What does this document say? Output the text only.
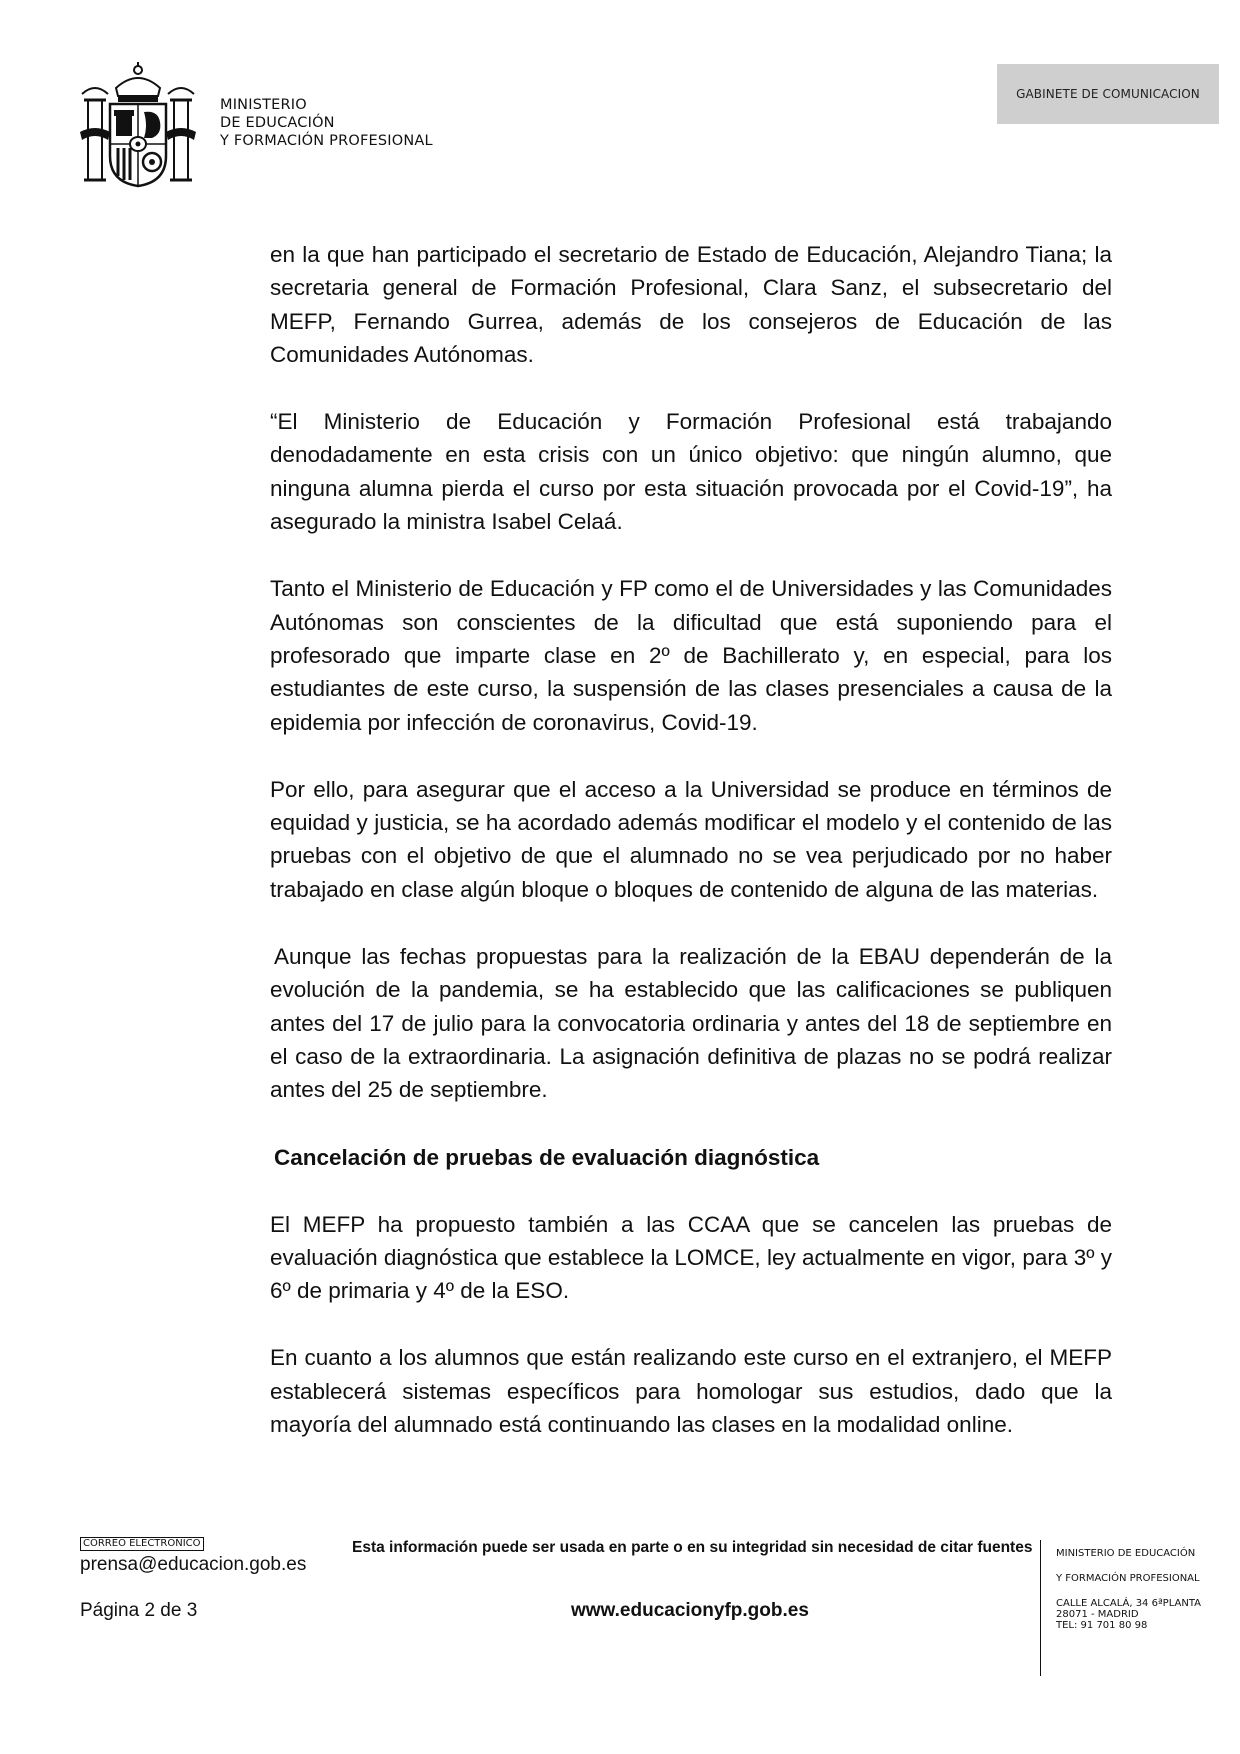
MINISTERIO
DE EDUCACIÓN
Y FORMACIÓN PROFESIONAL
GABINETE DE COMUNICACION

en la que han participado el secretario de Estado de Educación, Alejandro Tiana; la secretaria general de Formación Profesional, Clara Sanz, el subsecretario del MEFP, Fernando Gurrea, además de los consejeros de Educación de las Comunidades Autónomas.

“El Ministerio de Educación y Formación Profesional está trabajando denodadamente en esta crisis con un único objetivo: que ningún alumno, que ninguna alumna pierda el curso por esta situación provocada por el Covid-19”, ha asegurado la ministra Isabel Celaá.

Tanto el Ministerio de Educación y FP como el de Universidades y las Comunidades Autónomas son conscientes de la dificultad que está suponiendo para el profesorado que imparte clase en 2º de Bachillerato y, en especial, para los estudiantes de este curso, la suspensión de las clases presenciales a causa de la epidemia por infección de coronavirus, Covid-19.

Por ello, para asegurar que el acceso a la Universidad se produce en términos de equidad y justicia, se ha acordado además modificar el modelo y el contenido de las pruebas con el objetivo de que el alumnado no se vea perjudicado por no haber trabajado en clase algún bloque o bloques de contenido de alguna de las materias.

Aunque las fechas propuestas para la realización de la EBAU dependerán de la evolución de la pandemia, se ha establecido que las calificaciones se publiquen antes del 17 de julio para la convocatoria ordinaria y antes del 18 de septiembre en el caso de la extraordinaria. La asignación definitiva de plazas no se podrá realizar antes del 25 de septiembre.

Cancelación de pruebas de evaluación diagnóstica

El MEFP ha propuesto también a las CCAA que se cancelen las pruebas de evaluación diagnóstica que establece la LOMCE, ley actualmente en vigor, para 3º y 6º de primaria y 4º de la ESO.

En cuanto a los alumnos que están realizando este curso en el extranjero, el MEFP establecerá sistemas específicos para homologar sus estudios, dado que la mayoría del alumnado está continuando las clases en la modalidad online.

CORREO ELECTRONICO
prensa@educacion.gob.es
Página 2 de 3
Esta información puede ser usada en parte o en su integridad sin necesidad de citar fuentes
www.educacionyfp.gob.es
MINISTERIO DE EDUCACIÓN
Y FORMACIÓN PROFESIONAL
CALLE ALCALÁ, 34 6ªPLANTA
28071 - MADRID
TEL: 91 701 80 98
